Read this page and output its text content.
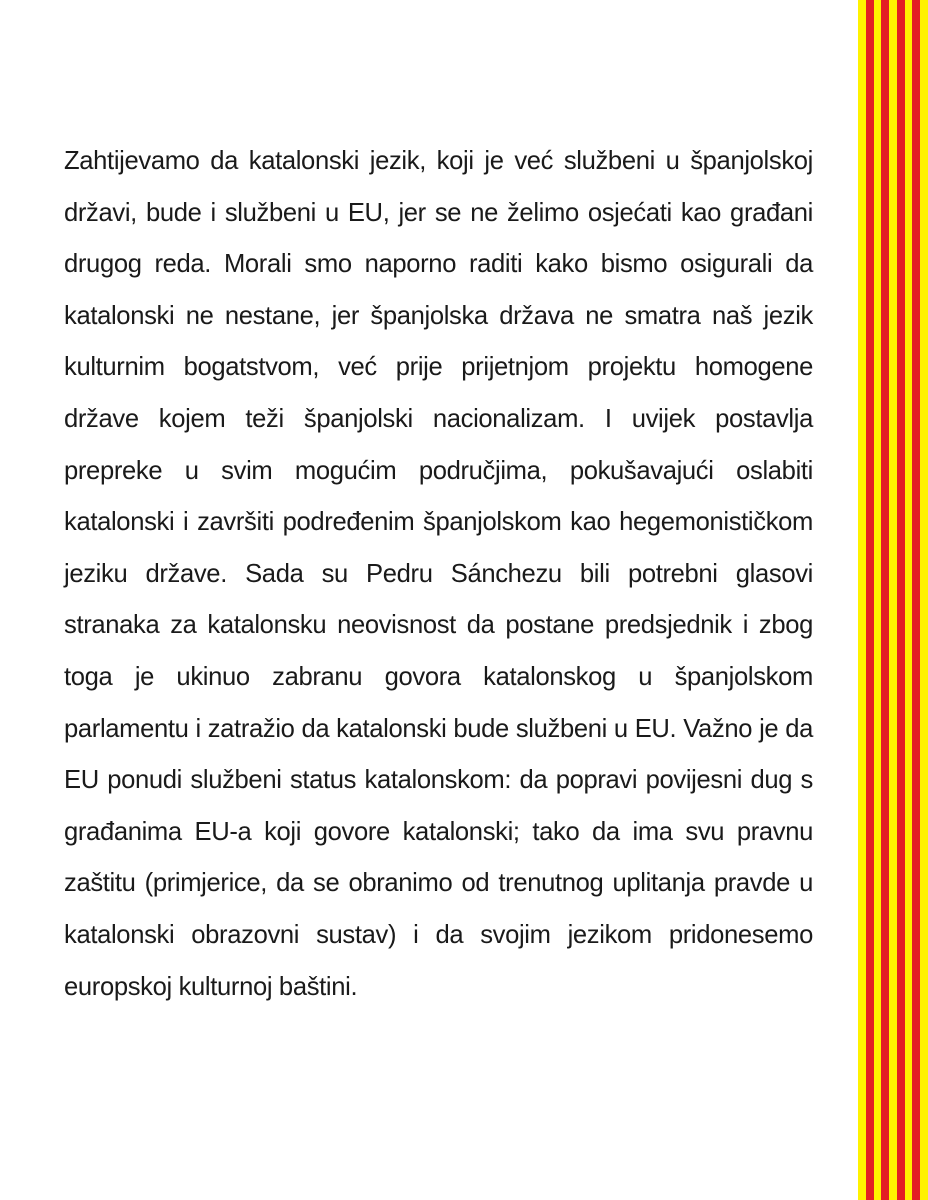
Zahtijevamo da katalonski jezik, koji je već službeni u španjolskoj državi, bude i službeni u EU, jer se ne želimo osjećati kao građani drugog reda. Morali smo naporno raditi kako bismo osigurali da katalonski ne nestane, jer španjolska država ne smatra naš jezik kulturnim bogatstvom, već prije prijetnjom projektu homogene države kojem teži španjolski nacionalizam. I uvijek postavlja prepreke u svim mogućim područjima, pokušavajući oslabiti katalonski i završiti podređenim španjolskom kao hegemonističkom jeziku države. Sada su Pedru Sánchezu bili potrebni glasovi stranaka za katalonsku neovisnost da postane predsjednik i zbog toga je ukinuo zabranu govora katalonskog u španjolskom parlamentu i zatražio da katalonski bude službeni u EU. Važno je da EU ponudi službeni status katalonskom: da popravi povijesni dug s građanima EU-a koji govore katalonski; tako da ima svu pravnu zaštitu (primjerice, da se obranimo od trenutnog uplitanja pravde u katalonski obrazovni sustav) i da svojim jezikom pridonesemo europskoj kulturnoj baštini.
